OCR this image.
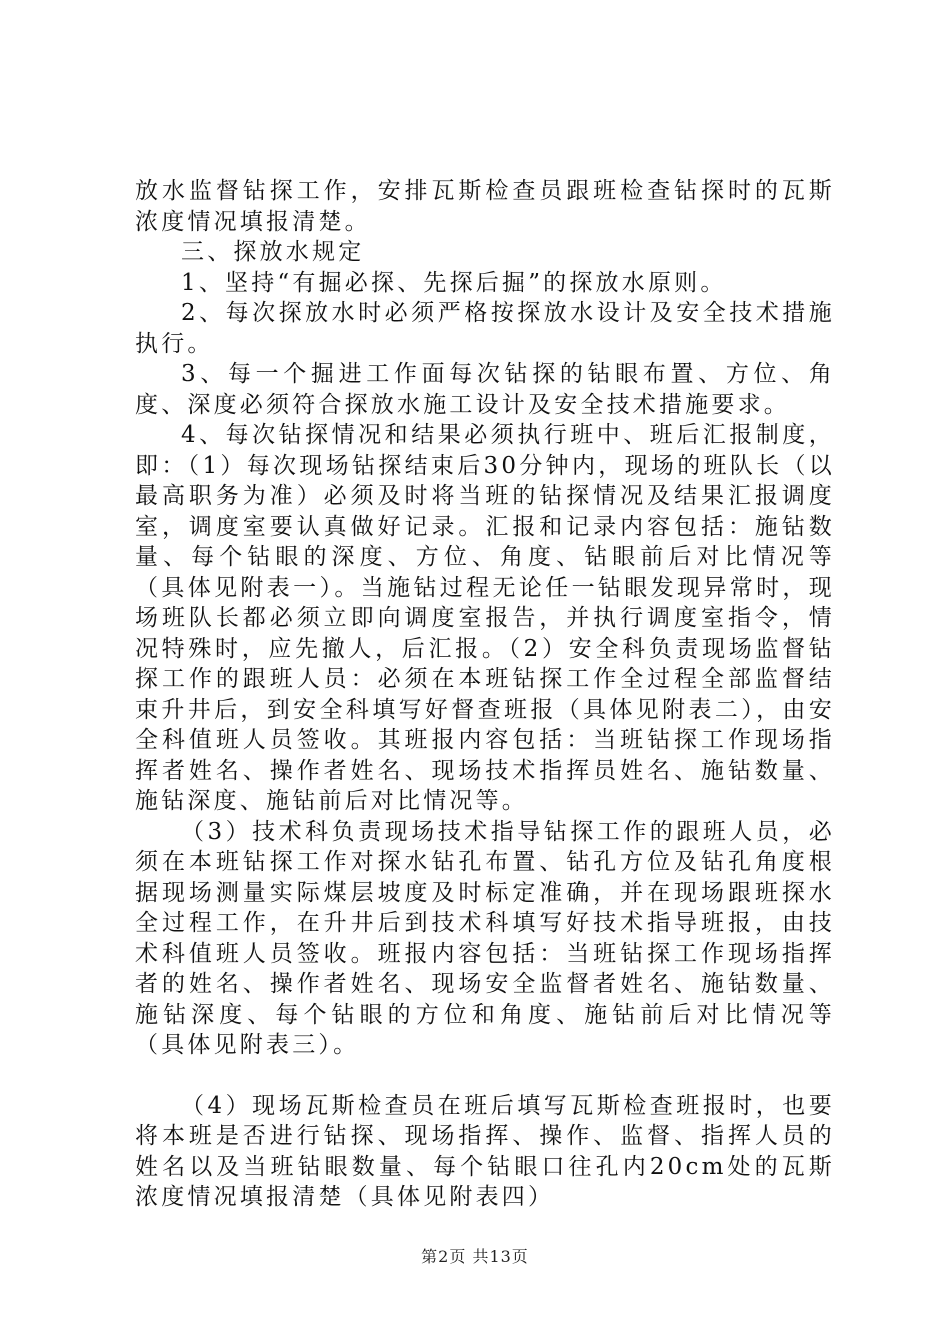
放水监督钻探工作，安排瓦斯检查员跟班检查钻探时的瓦斯浓度情况填报清楚。

三、探放水规定

1、坚持“有掘必探、先探后掘”的探放水原则。

2、每次探放水时必须严格按探放水设计及安全技术措施执行。

3、每一个掘进工作面每次钻探的钻眼布置、方位、角度、深度必须符合探放水施工设计及安全技术措施要求。

4、每次钻探情况和结果必须执行班中、班后汇报制度，即：（1）每次现场钻探结束后30分钟内，现场的班队长（以最高职务为准）必须及时将当班的钻探情况及结果汇报调度室，调度室要认真做好记录。汇报和记录内容包括：施钻数量、每个钻眼的深度、方位、角度、钻眼前后对比情况等（具体见附表一）。当施钻过程无论任一钻眼发现异常时，现场班队长都必须立即向调度室报告，并执行调度室指令，情况特殊时，应先撤人，后汇报。（2）安全科负责现场监督钻探工作的跟班人员：必须在本班钻探工作全过程全部监督结束升井后，到安全科填写好督查班报（具体见附表二），由安全科值班人员签收。其班报内容包括：当班钻探工作现场指挥者姓名、操作者姓名、现场技术指挥员姓名、施钻数量、施钻深度、施钻前后对比情况等。

（3）技术科负责现场技术指导钻探工作的跟班人员，必须在本班钻探工作对探水钻孔布置、钻孔方位及钻孔角度根据现场测量实际煤层坡度及时标定准确，并在现场跟班探水全过程工作，在升井后到技术科填写好技术指导班报，由技术科值班人员签收。班报内容包括：当班钻探工作现场指挥者的姓名、操作者姓名、现场安全监督者姓名、施钻数量、施钻深度、每个钻眼的方位和角度、施钻前后对比情况等（具体见附表三）。

（4）现场瓦斯检查员在班后填写瓦斯检查班报时，也要将本班是否进行钻探、现场指挥、操作、监督、指挥人员的姓名以及当班钻眼数量、每个钻眼口往孔内20cm处的瓦斯浓度情况填报清楚（具体见附表四）

第2页 共13页
